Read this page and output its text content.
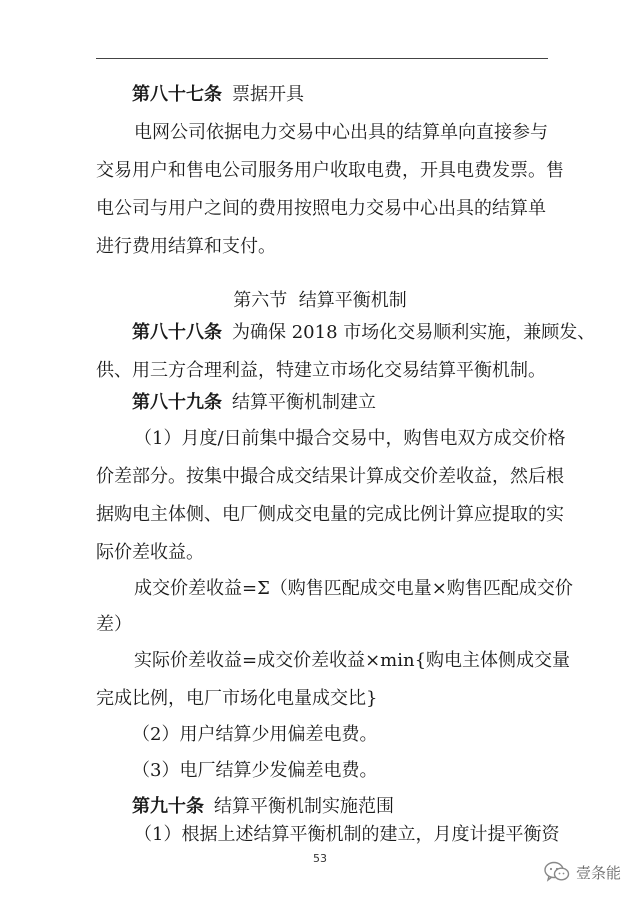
第八十七条 票据开具
电网公司依据电力交易中心出具的结算单向直接参与
交易用户和售电公司服务用户收取电费，开具电费发票。售
电公司与用户之间的费用按照电力交易中心出具的结算单
进行费用结算和支付。
第六节  结算平衡机制
第八十八条 为确保 2018 市场化交易顺利实施，兼顾发、
供、用三方合理利益，特建立市场化交易结算平衡机制。
第八十九条 结算平衡机制建立
（1）月度/日前集中撮合交易中，购售电双方成交价格
价差部分。按集中撮合成交结果计算成交价差收益，然后根
据购电主体侧、电厂侧成交电量的完成比例计算应提取的实
际价差收益。
成交价差收益=Σ（购售匹配成交电量×购售匹配成交价
差）
实际价差收益=成交价差收益×min{购电主体侧成交量
完成比例，电厂市场化电量成交比}
（2）用户结算少用偏差电费。
（3）电厂结算少发偏差电费。
第九十条 结算平衡机制实施范围
（1）根据上述结算平衡机制的建立，月度计提平衡资
53
壹条能
